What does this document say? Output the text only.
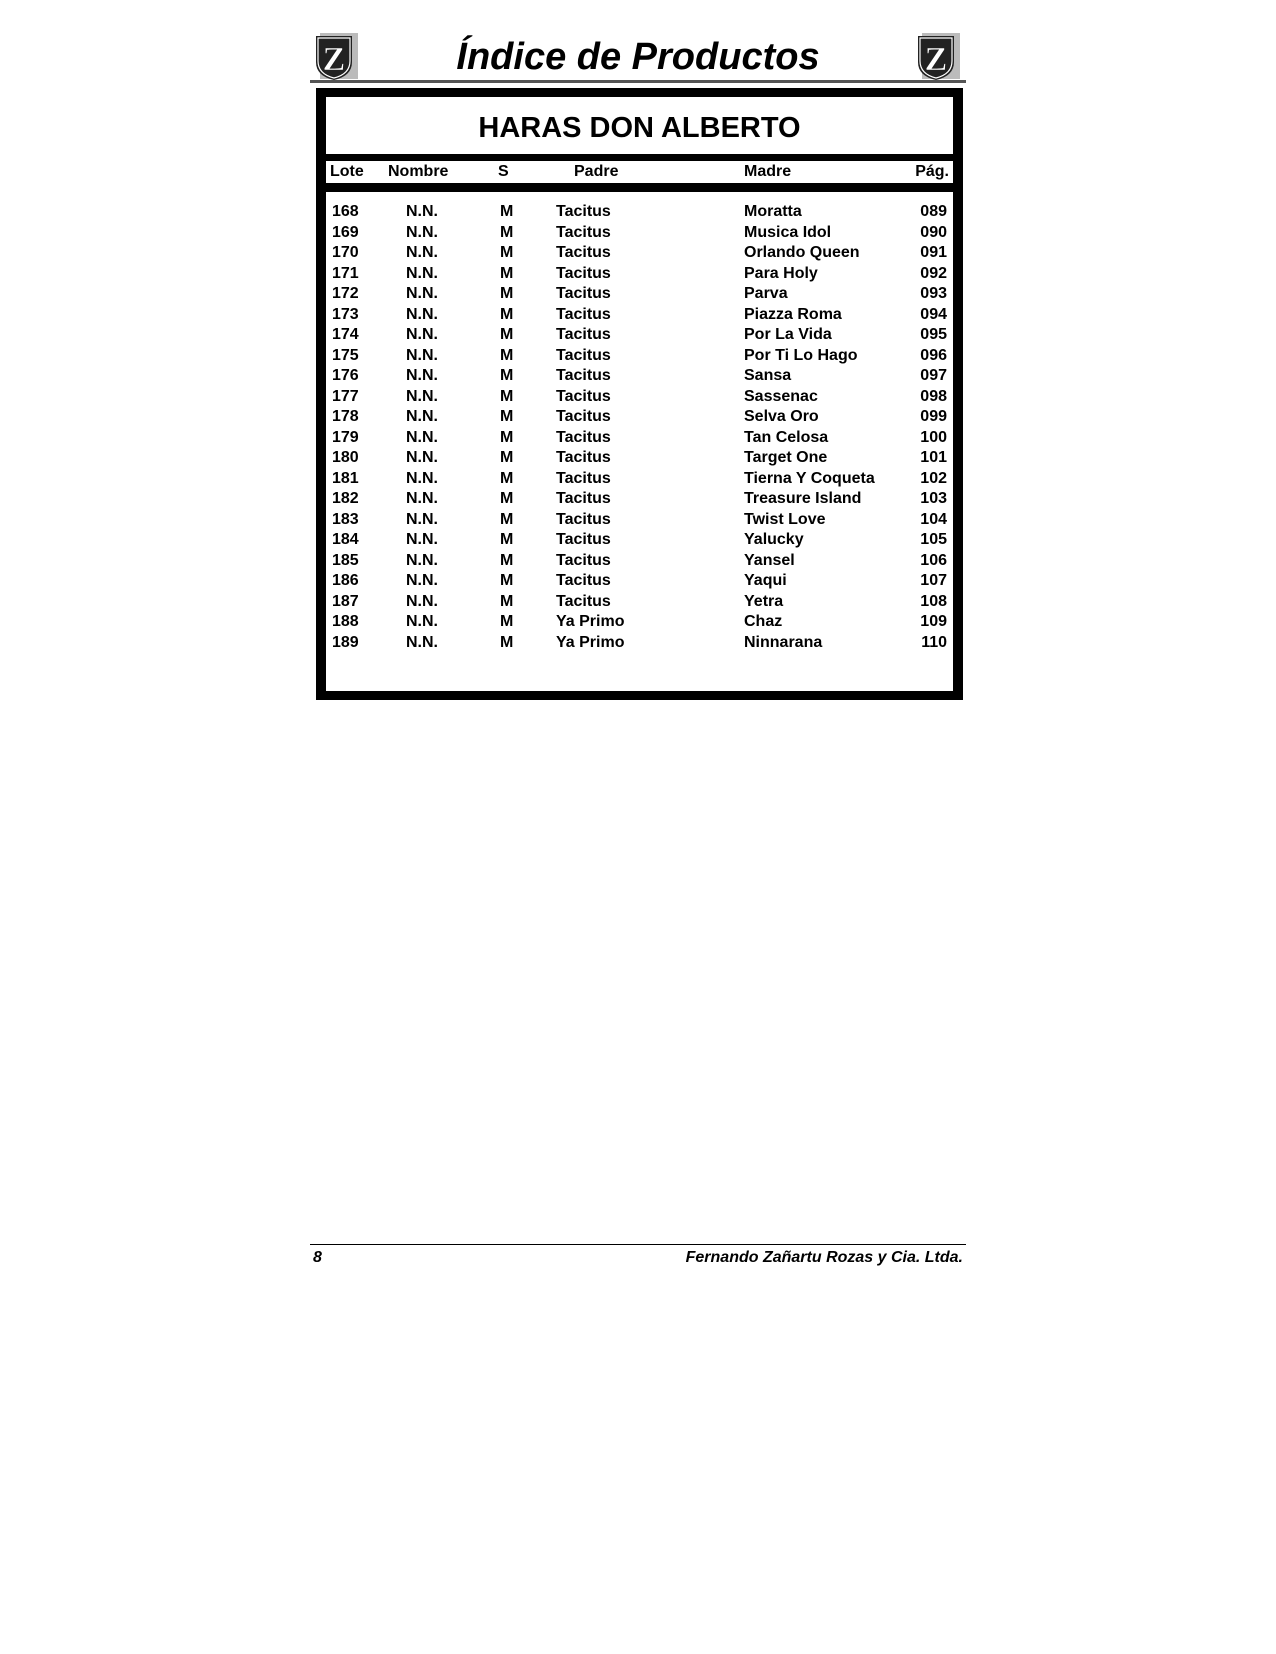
Z	Índice de Productos	Z
HARAS DON ALBERTO
Lote Nombre	S	Padre	Madre	Pág.
168	N.N.	M	Tacitus	Moratta	089
169	N.N.	M	Tacitus	Musica Idol	090
170	N.N.	M	Tacitus	Orlando Queen	091
171	N.N.	M	Tacitus	Para Holy	092
172	N.N.	M	Tacitus	Parva	093
173	N.N.	M	Tacitus	Piazza Roma	094
174	N.N.	M	Tacitus	Por La Vida	095
175	N.N.	M	Tacitus	Por Ti Lo Hago	096
176	N.N.	M	Tacitus	Sansa	097
177	N.N.	M	Tacitus	Sassenac	098
178	N.N.	M	Tacitus	Selva Oro	099
179	N.N.	M	Tacitus	Tan Celosa	100
180	N.N.	M	Tacitus	Target One	101
181	N.N.	M	Tacitus	Tierna Y Coqueta	102
182	N.N.	M	Tacitus	Treasure Island	103
183	N.N.	M	Tacitus	Twist Love	104
184	N.N.	M	Tacitus	Yalucky	105
185	N.N.	M	Tacitus	Yansel	106
186	N.N.	M	Tacitus	Yaqui	107
187	N.N.	M	Tacitus	Yetra	108
188	N.N.	M	Ya Primo	Chaz	109
189	N.N.	M	Ya Primo	Ninnarana	110
8	Fernando Zañartu Rozas y Cia. Ltda.
